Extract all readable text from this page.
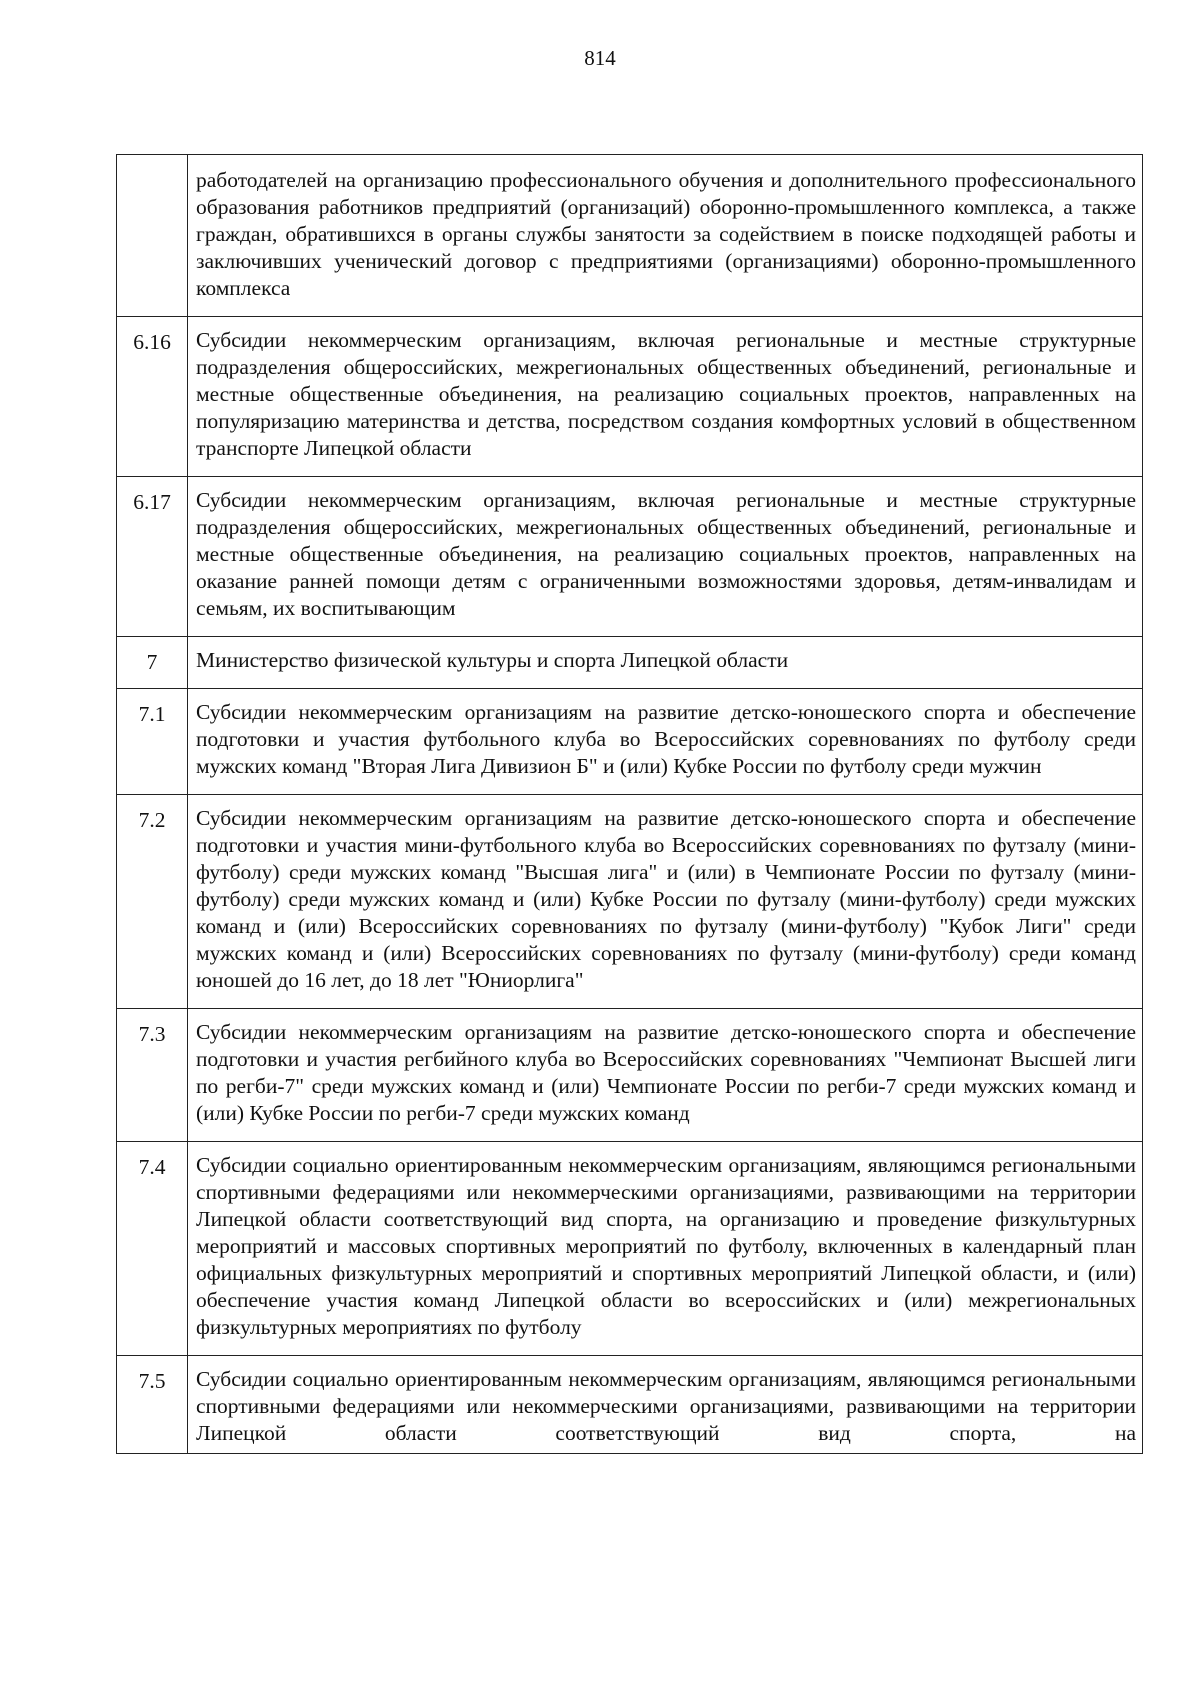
814
	работодателей на организацию профессионального обучения и дополнительного профессионального образования работников предприятий (организаций) оборонно-промышленного комплекса, а также граждан, обратившихся в органы службы занятости за содействием в поиске подходящей работы и заключивших ученический договор с предприятиями (организациями) оборонно-промышленного комплекса
6.16	Субсидии некоммерческим организациям, включая региональные и местные структурные подразделения общероссийских, межрегиональных общественных объединений, региональные и местные общественные объединения, на реализацию социальных проектов, направленных на популяризацию материнства и детства, посредством создания комфортных условий в общественном транспорте Липецкой области
6.17	Субсидии некоммерческим организациям, включая региональные и местные структурные подразделения общероссийских, межрегиональных общественных объединений, региональные и местные общественные объединения, на реализацию социальных проектов, направленных на оказание ранней помощи детям с ограниченными возможностями здоровья, детям-инвалидам и семьям, их воспитывающим
7	Министерство физической культуры и спорта Липецкой области
7.1	Субсидии некоммерческим организациям на развитие детско-юношеского спорта и обеспечение подготовки и участия футбольного клуба во Всероссийских соревнованиях по футболу среди мужских команд "Вторая Лига Дивизион Б" и (или) Кубке России по футболу среди мужчин
7.2	Субсидии некоммерческим организациям на развитие детско-юношеского спорта и обеспечение подготовки и участия мини-футбольного клуба во Всероссийских соревнованиях по футзалу (мини-футболу) среди мужских команд "Высшая лига" и (или) в Чемпионате России по футзалу (мини-футболу) среди мужских команд и (или) Кубке России по футзалу (мини-футболу) среди мужских команд и (или) Всероссийских соревнованиях по футзалу (мини-футболу) "Кубок Лиги" среди мужских команд и (или) Всероссийских соревнованиях по футзалу (мини-футболу) среди команд юношей до 16 лет, до 18 лет "Юниорлига"
7.3	Субсидии некоммерческим организациям на развитие детско-юношеского спорта и обеспечение подготовки и участия регбийного клуба во Всероссийских соревнованиях "Чемпионат Высшей лиги по регби-7" среди мужских команд и (или) Чемпионате России по регби-7 среди мужских команд и (или) Кубке России по регби-7 среди мужских команд
7.4	Субсидии социально ориентированным некоммерческим организациям, являющимся региональными спортивными федерациями или некоммерческими организациями, развивающими на территории Липецкой области соответствующий вид спорта, на организацию и проведение физкультурных мероприятий и массовых спортивных мероприятий по футболу, включенных в календарный план официальных физкультурных мероприятий и спортивных мероприятий Липецкой области, и (или) обеспечение участия команд Липецкой области во всероссийских и (или) межрегиональных физкультурных мероприятиях по футболу
7.5	Субсидии социально ориентированным некоммерческим организациям, являющимся региональными спортивными федерациями или некоммерческими организациями, развивающими на территории Липецкой области соответствующий вид спорта, на
